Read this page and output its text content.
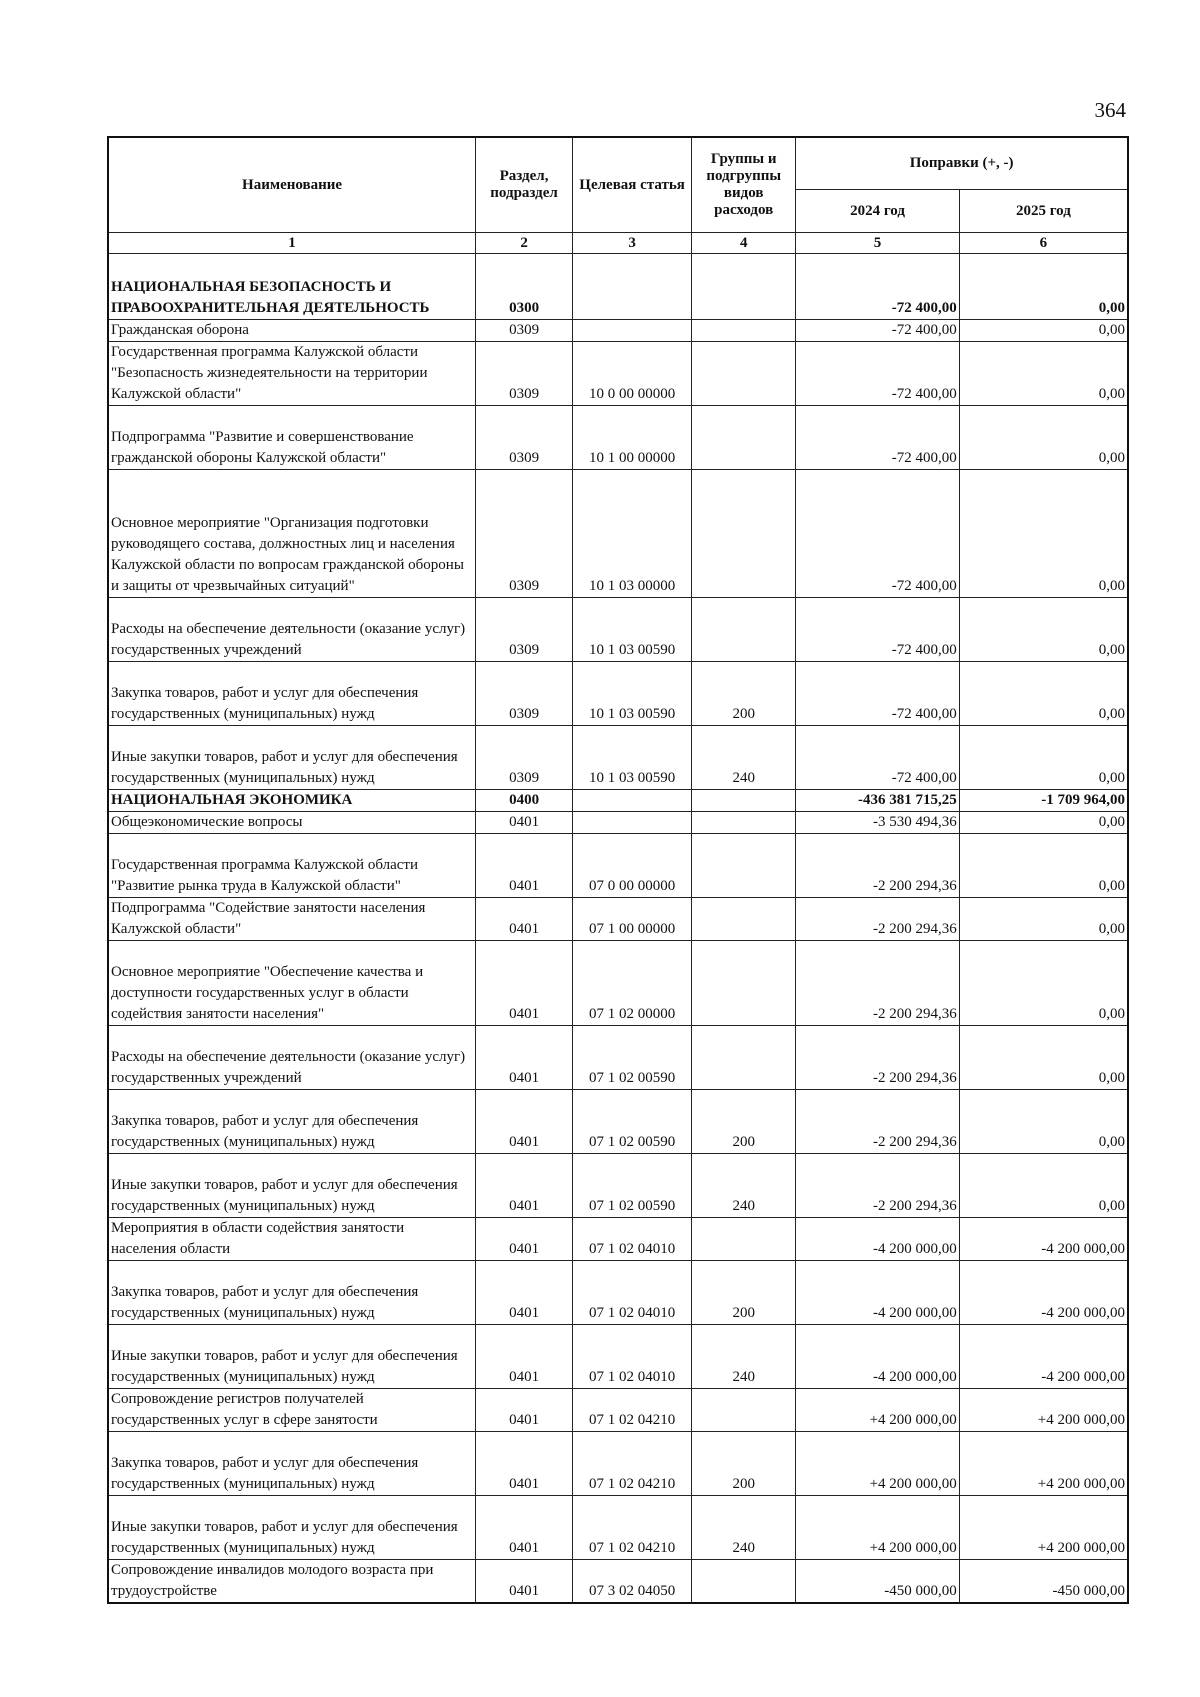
364
Наименование	Раздел, подраздел	Целевая статья	Группы и подгруппы видов расходов	Поправки (+, -)	
				2024 год	2025 год
1	2	3	4	5	6
НАЦИОНАЛЬНАЯ БЕЗОПАСНОСТЬ И ПРАВООХРАНИТЕЛЬНАЯ ДЕЯТЕЛЬНОСТЬ	0300			-72 400,00	0,00
Гражданская оборона	0309			-72 400,00	0,00
Государственная программа Калужской области "Безопасность жизнедеятельности на территории Калужской области"	0309	10 0 00 00000		-72 400,00	0,00
Подпрограмма "Развитие и совершенствование гражданской обороны Калужской области"	0309	10 1 00 00000		-72 400,00	0,00
Основное мероприятие "Организация подготовки руководящего состава, должностных лиц и населения Калужской области по вопросам гражданской обороны и защиты от чрезвычайных ситуаций"	0309	10 1 03 00000		-72 400,00	0,00
Расходы на обеспечение деятельности (оказание услуг) государственных учреждений	0309	10 1 03 00590		-72 400,00	0,00
Закупка товаров, работ и услуг для обеспечения государственных (муниципальных) нужд	0309	10 1 03 00590	200	-72 400,00	0,00
Иные закупки товаров, работ и услуг для обеспечения государственных (муниципальных) нужд	0309	10 1 03 00590	240	-72 400,00	0,00
НАЦИОНАЛЬНАЯ ЭКОНОМИКА	0400			-436 381 715,25	-1 709 964,00
Общеэкономические вопросы	0401			-3 530 494,36	0,00
Государственная программа Калужской области "Развитие рынка труда в Калужской области"	0401	07 0 00 00000		-2 200 294,36	0,00
Подпрограмма "Содействие занятости населения Калужской области"	0401	07 1 00 00000		-2 200 294,36	0,00
Основное мероприятие "Обеспечение качества и доступности государственных услуг в области содействия занятости населения"	0401	07 1 02 00000		-2 200 294,36	0,00
Расходы на обеспечение деятельности (оказание услуг) государственных учреждений	0401	07 1 02 00590		-2 200 294,36	0,00
Закупка товаров, работ и услуг для обеспечения государственных (муниципальных) нужд	0401	07 1 02 00590	200	-2 200 294,36	0,00
Иные закупки товаров, работ и услуг для обеспечения государственных (муниципальных) нужд	0401	07 1 02 00590	240	-2 200 294,36	0,00
Мероприятия в области содействия занятости населения области	0401	07 1 02 04010		-4 200 000,00	-4 200 000,00
Закупка товаров, работ и услуг для обеспечения государственных (муниципальных) нужд	0401	07 1 02 04010	200	-4 200 000,00	-4 200 000,00
Иные закупки товаров, работ и услуг для обеспечения государственных (муниципальных) нужд	0401	07 1 02 04010	240	-4 200 000,00	-4 200 000,00
Сопровождение регистров получателей государственных услуг в сфере занятости	0401	07 1 02 04210		+4 200 000,00	+4 200 000,00
Закупка товаров, работ и услуг для обеспечения государственных (муниципальных) нужд	0401	07 1 02 04210	200	+4 200 000,00	+4 200 000,00
Иные закупки товаров, работ и услуг для обеспечения государственных (муниципальных) нужд	0401	07 1 02 04210	240	+4 200 000,00	+4 200 000,00
Сопровождение инвалидов молодого возраста при трудоустройстве	0401	07 3 02 04050		-450 000,00	-450 000,00
